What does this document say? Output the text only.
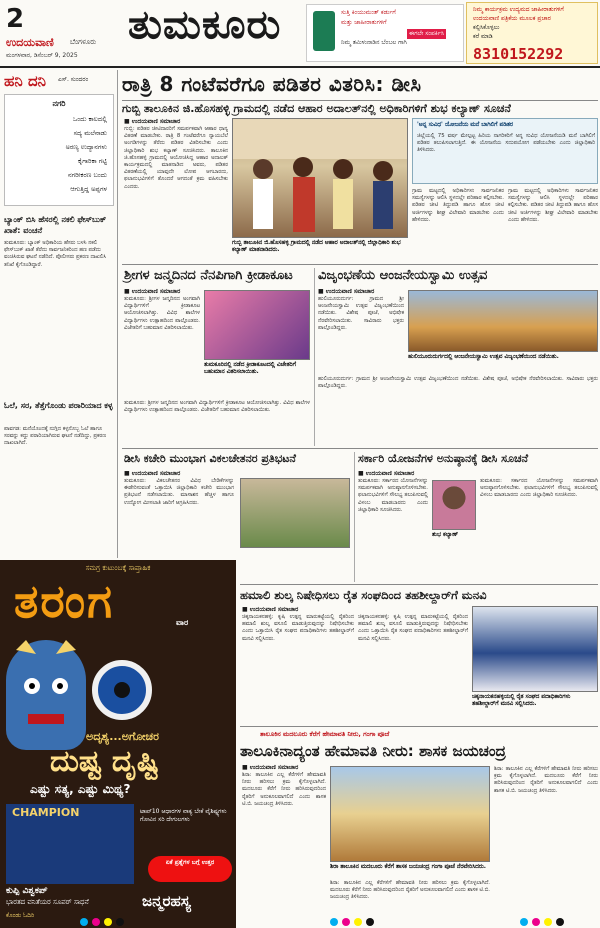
2
ಉದಯವಾಣಿ ಬೆಂಗಳೂರು
ಮಂಗಳವಾರ, ಡಿಸೆಂಬರ್ 9, 2025
ತುಮಕೂರು	ಸುತ್ತಿ ಕಿಂಯುಮಂತ್ ಕರ್ಡುಗೆ
ಮತ್ತು ಜಾಹೀರಾತುಗಳಿಗೆ
ಈಗಲೇ ಸಂಪರ್ಕಿಸಿ
ನಿಮ್ಮ ತಮಿಳುನಾಡಿನ ಬೆಂಬಲ ಗಾಗಿ
ನಿಮ್ಮ ಕಾರ್ಯಕ್ರಮ ಉದ್ಯಮದ ಜಾಹೀರಾತುಗಳಿಗೆ
ಉದಯವಾಣಿ ಪತ್ರಿಕೆಯ ಮೂಲಕ ಪ್ರಚಾರ
ಕಲ್ಪಿಸಿಕೊಳ್ಳಲು
ಕರೆ ಮಾಡಿ
8310152292
ಹನಿ ದನಿ ಎಸ್. ಸುಂದರಂ
ನಗರಿ
ಒಂದು ಕಾಲದಲ್ಲಿ
ಸದ್ಯ ಮಲೆನಾಡು
ಅರಣ್ಯ ಉದ್ಯಾನಗಳು
ಕೈಗಾರಿಕಾ ಗಟ್ಟಿ
ನಗರೀಕರಣ ಬಂದು
ಆಗುತ್ತಿದ್ದ ಅಪ್ಪಗಳ
ಬ್ಯಾಂಕ್ ಬಿಸಿ ಹೆಸರಲ್ಲಿ ನಕಲಿ ಫೇಸ್‌ಬುಕ್ ಖಾತೆ: ವಂಚನೆ
ತುಮಕೂರು: ಬ್ಯಾಂಕ್ ಅಧಿಕಾರಿಯ ಹೆಸರು ಬಳಸಿ ನಕಲಿ ಫೇಸ್‌ಬುಕ್ ಖಾತೆ ತೆರೆದು ಸಾರ್ವಜನಿಕರಿಂದ ಹಣ ಪಡೆದು ವಂಚಿಸಿರುವ ಘಟನೆ ನಡೆದಿದೆ. ಪೊಲೀಸರು ಪ್ರಕರಣ ದಾಖಲಿಸಿ ತನಿಖೆ ಕೈಗೊಂಡಿದ್ದಾರೆ.
ಓಲೆ, ಸರ, ತೆತ್ತೆಗೊಂಡು ಪರಾರಿಯಾದ ಕಳ್ಳ
ಪಾವಗಡ: ಮನೆಯೊಂದಕ್ಕೆ ನುಗ್ಗಿದ ಕಳ್ಳನೊಬ್ಬ ಓಲೆ ಹಾಗೂ ಸರವನ್ನು ಕದ್ದು ಪರಾರಿಯಾಗಿರುವ ಘಟನೆ ನಡೆದಿದ್ದು, ಪ್ರಕರಣ ದಾಖಲಾಗಿದೆ.
ರಾತ್ರಿ 8 ಗಂಟೆವರೆಗೂ ಪಡಿತರ ವಿತರಿಸಿ: ಡೀಸಿ
ಗುಬ್ಬಿ ತಾಲೂಕಿನ ಜಿ.ಹೊಸಹಳ್ಳಿ ಗ್ರಾಮದಲ್ಲಿ ನಡೆದ ಆಹಾರ ಅದಾಲತ್‌ನಲ್ಲಿ ಅಧಿಕಾರಿಗಳಿಗೆ ಶುಭ ಕಲ್ಯಾಣ್ ಸೂಚನೆ
■ ಉದಯವಾಣಿ ಸಮಾಚಾರ
ಗುಬ್ಬಿ: ಪಡಿತರ ಚೀಟಿದಾರರಿಗೆ ಸಮರ್ಪಕವಾಗಿ ಆಹಾರ ಧಾನ್ಯ ವಿತರಣೆ ಮಾಡಬೇಕು. ರಾತ್ರಿ 8 ಗಂಟೆವರೆಗೂ ನ್ಯಾಯಬೆಲೆ ಅಂಗಡಿಗಳನ್ನು ತೆರೆದು ಪಡಿತರ ವಿತರಿಸಬೇಕು ಎಂದು ಜಿಲ್ಲಾಧಿಕಾರಿ ಶುಭ ಕಲ್ಯಾಣ್ ಸೂಚಿಸಿದರು. ತಾಲೂಕಿನ ಜಿ.ಹೊಸಹಳ್ಳಿ ಗ್ರಾಮದಲ್ಲಿ ಆಯೋಜಿಸಿದ್ದ ಆಹಾರ ಅದಾಲತ್ ಕಾರ್ಯಕ್ರಮದಲ್ಲಿ ಮಾತನಾಡಿದ ಅವರು, ಪಡಿತರ ವಿತರಣೆಯಲ್ಲಿ ಯಾವುದೇ ಲೋಪ ಆಗಬಾರದು, ಫಲಾನುಭವಿಗಳಿಗೆ ತೊಂದರೆ ಆಗದಂತೆ ಕ್ರಮ ವಹಿಸಬೇಕು ಎಂದರು.
ಗುಬ್ಬಿ ತಾಲೂಕಿನ ಜಿ.ಹೊಸಹಳ್ಳಿ ಗ್ರಾಮದಲ್ಲಿ ನಡೆದ ಆಹಾರ ಅದಾಲತ್‌ನಲ್ಲಿ ಜಿಲ್ಲಾಧಿಕಾರಿ ಶುಭ ಕಲ್ಯಾಣ್ ಮಾತನಾಡಿದರು.
'ಅನ್ನ ಸುವಿಧ' ಯೋಜನೆಯ ಮನೆ ಬಾಗಿಲಿಗೆ ಪಡಿತರ
ಜಿಲ್ಲೆಯಲ್ಲಿ 75 ವರ್ಷ ಮೇಲ್ಪಟ್ಟ ಹಿರಿಯ ನಾಗರಿಕರಿಗೆ ಅನ್ನ ಸುವಿಧ ಯೋಜನೆಯಡಿ ಮನೆ ಬಾಗಿಲಿಗೆ ಪಡಿತರ ತಲುಪಿಸಲಾಗುತ್ತಿದೆ. ಈ ಯೋಜನೆಯ ಸದುಪಯೋಗ ಪಡೆಯಬೇಕು ಎಂದು ಜಿಲ್ಲಾಧಿಕಾರಿ ತಿಳಿಸಿದರು.
ಗ್ರಾಮ ಮಟ್ಟದಲ್ಲಿ ಅಧಿಕಾರಿಗಳು ಸಾರ್ವಜನಿಕರ ಸಮಸ್ಯೆಗಳನ್ನು ಆಲಿಸಿ ಸ್ಥಳದಲ್ಲೇ ಪರಿಹಾರ ಕಲ್ಪಿಸಬೇಕು. ಪಡಿತರ ಚೀಟಿ ತಿದ್ದುಪಡಿ ಹಾಗೂ ಹೊಸ ಚೀಟಿ ಅರ್ಜಿಗಳನ್ನು ಶೀಘ್ರ ವಿಲೇವಾರಿ ಮಾಡಬೇಕು ಎಂದು ಹೇಳಿದರು.
ಗ್ರಾಮ ಮಟ್ಟದಲ್ಲಿ ಅಧಿಕಾರಿಗಳು ಸಾರ್ವಜನಿಕರ ಸಮಸ್ಯೆಗಳನ್ನು ಆಲಿಸಿ ಸ್ಥಳದಲ್ಲೇ ಪರಿಹಾರ ಕಲ್ಪಿಸಬೇಕು. ಪಡಿತರ ಚೀಟಿ ತಿದ್ದುಪಡಿ ಹಾಗೂ ಹೊಸ ಚೀಟಿ ಅರ್ಜಿಗಳನ್ನು ಶೀಘ್ರ ವಿಲೇವಾರಿ ಮಾಡಬೇಕು ಎಂದು ಹೇಳಿದರು.
ಶ್ರೀಗಳ ಜನ್ಮದಿನದ ನೆನಪಿಗಾಗಿ ಕ್ರೀಡಾಕೂಟ
■ ಉದಯವಾಣಿ ಸಮಾಚಾರ
ತುಮಕೂರು: ಶ್ರೀಗಳ ಜನ್ಮದಿನದ ಅಂಗವಾಗಿ ವಿದ್ಯಾರ್ಥಿಗಳಿಗೆ ಕ್ರೀಡಾಕೂಟ ಆಯೋಜಿಸಲಾಗಿತ್ತು. ವಿವಿಧ ಶಾಲೆಗಳ ವಿದ್ಯಾರ್ಥಿಗಳು ಉತ್ಸಾಹದಿಂದ ಪಾಲ್ಗೊಂಡರು. ವಿಜೇತರಿಗೆ ಬಹುಮಾನ ವಿತರಿಸಲಾಯಿತು.
ತುಮಕೂರಿನಲ್ಲಿ ನಡೆದ ಕ್ರೀಡಾಕೂಟದಲ್ಲಿ ವಿಜೇತರಿಗೆ ಬಹುಮಾನ ವಿತರಿಸಲಾಯಿತು.
ತುಮಕೂರು: ಶ್ರೀಗಳ ಜನ್ಮದಿನದ ಅಂಗವಾಗಿ ವಿದ್ಯಾರ್ಥಿಗಳಿಗೆ ಕ್ರೀಡಾಕೂಟ ಆಯೋಜಿಸಲಾಗಿತ್ತು. ವಿವಿಧ ಶಾಲೆಗಳ ವಿದ್ಯಾರ್ಥಿಗಳು ಉತ್ಸಾಹದಿಂದ ಪಾಲ್ಗೊಂಡರು. ವಿಜೇತರಿಗೆ ಬಹುಮಾನ ವಿತರಿಸಲಾಯಿತು.
ವಿಜೃಂಭಣೆಯ ಆಂಜನೇಯಸ್ವಾಮಿ ಉತ್ಸವ
■ ಉದಯವಾಣಿ ಸಮಾಚಾರ
ಹುಲಿಯೂರುದುರ್ಗ: ಗ್ರಾಮದ ಶ್ರೀ ಆಂಜನೇಯಸ್ವಾಮಿ ಉತ್ಸವ ವಿಜೃಂಭಣೆಯಿಂದ ನಡೆಯಿತು. ವಿಶೇಷ ಪೂಜೆ, ಅಭಿಷೇಕ ನೆರವೇರಿಸಲಾಯಿತು. ಸಾವಿರಾರು ಭಕ್ತರು ಪಾಲ್ಗೊಂಡಿದ್ದರು.
ಹುಲಿಯೂರುದುರ್ಗದಲ್ಲಿ ಆಂಜನೇಯಸ್ವಾಮಿ ಉತ್ಸವ ವಿಜೃಂಭಣೆಯಿಂದ ನಡೆಯಿತು.
ಹುಲಿಯೂರುದುರ್ಗ: ಗ್ರಾಮದ ಶ್ರೀ ಆಂಜನೇಯಸ್ವಾಮಿ ಉತ್ಸವ ವಿಜೃಂಭಣೆಯಿಂದ ನಡೆಯಿತು. ವಿಶೇಷ ಪೂಜೆ, ಅಭಿಷೇಕ ನೆರವೇರಿಸಲಾಯಿತು. ಸಾವಿರಾರು ಭಕ್ತರು ಪಾಲ್ಗೊಂಡಿದ್ದರು.
ಡೀಸಿ ಕಚೇರಿ ಮುಂಭಾಗ ವಿಕಲಚೇತನರ ಪ್ರತಿಭಟನೆ
■ ಉದಯವಾಣಿ ಸಮಾಚಾರ
ತುಮಕೂರು: ವಿಕಲಚೇತನರ ವಿವಿಧ ಬೇಡಿಕೆಗಳನ್ನು ಈಡೇರಿಸುವಂತೆ ಒತ್ತಾಯಿಸಿ ಜಿಲ್ಲಾಧಿಕಾರಿ ಕಚೇರಿ ಮುಂಭಾಗ ಪ್ರತಿಭಟನೆ ನಡೆಸಲಾಯಿತು. ಮಾಸಾಶನ ಹೆಚ್ಚಳ ಹಾಗೂ ಉದ್ಯೋಗ ಮೀಸಲಾತಿ ಜಾರಿಗೆ ಆಗ್ರಹಿಸಿದರು.
ಸರ್ಕಾರಿ ಯೋಜನೆಗಳ ಅನುಷ್ಠಾನಕ್ಕೆ ಡೀಸಿ ಸೂಚನೆ
■ ಉದಯವಾಣಿ ಸಮಾಚಾರ
ತುಮಕೂರು: ಸರ್ಕಾರದ ಯೋಜನೆಗಳನ್ನು ಸಮರ್ಪಕವಾಗಿ ಅನುಷ್ಠಾನಗೊಳಿಸಬೇಕು. ಫಲಾನುಭವಿಗಳಿಗೆ ಸೌಲಭ್ಯ ತಲುಪಿಸುವಲ್ಲಿ ವಿಳಂಬ ಮಾಡಬಾರದು ಎಂದು ಜಿಲ್ಲಾಧಿಕಾರಿ ಸೂಚಿಸಿದರು.
ಶುಭ ಕಲ್ಯಾಣ್
ತುಮಕೂರು: ಸರ್ಕಾರದ ಯೋಜನೆಗಳನ್ನು ಸಮರ್ಪಕವಾಗಿ ಅನುಷ್ಠಾನಗೊಳಿಸಬೇಕು. ಫಲಾನುಭವಿಗಳಿಗೆ ಸೌಲಭ್ಯ ತಲುಪಿಸುವಲ್ಲಿ ವಿಳಂಬ ಮಾಡಬಾರದು ಎಂದು ಜಿಲ್ಲಾಧಿಕಾರಿ ಸೂಚಿಸಿದರು.
ಹಮಾಲಿ ಶುಲ್ಕ ನಿಷೇಧಿಸಲು ರೈತ ಸಂಘದಿಂದ ತಹಶೀಲ್ದಾರ್‌ಗೆ ಮನವಿ
■ ಉದಯವಾಣಿ ಸಮಾಚಾರ
ಚಿಕ್ಕನಾಯಕನಹಳ್ಳಿ: ಕೃಷಿ ಉತ್ಪನ್ನ ಮಾರುಕಟ್ಟೆಯಲ್ಲಿ ರೈತರಿಂದ ಹಮಾಲಿ ಶುಲ್ಕ ವಸೂಲಿ ಮಾಡುತ್ತಿರುವುದನ್ನು ನಿಷೇಧಿಸಬೇಕು ಎಂದು ಒತ್ತಾಯಿಸಿ ರೈತ ಸಂಘದ ಪದಾಧಿಕಾರಿಗಳು ತಹಶೀಲ್ದಾರ್‌ಗೆ ಮನವಿ ಸಲ್ಲಿಸಿದರು.
ಚಿಕ್ಕನಾಯಕನಹಳ್ಳಿ: ಕೃಷಿ ಉತ್ಪನ್ನ ಮಾರುಕಟ್ಟೆಯಲ್ಲಿ ರೈತರಿಂದ ಹಮಾಲಿ ಶುಲ್ಕ ವಸೂಲಿ ಮಾಡುತ್ತಿರುವುದನ್ನು ನಿಷೇಧಿಸಬೇಕು ಎಂದು ಒತ್ತಾಯಿಸಿ ರೈತ ಸಂಘದ ಪದಾಧಿಕಾರಿಗಳು ತಹಶೀಲ್ದಾರ್‌ಗೆ ಮನವಿ ಸಲ್ಲಿಸಿದರು.
ಚಿಕ್ಕನಾಯಕನಹಳ್ಳಿಯಲ್ಲಿ ರೈತ ಸಂಘದ ಪದಾಧಿಕಾರಿಗಳು ತಹಶೀಲ್ದಾರ್‌ಗೆ ಮನವಿ ಸಲ್ಲಿಸಿದರು.
ತಾಲೂಕಿನ ಮದಲೂರು ಕೆರೆಗೆ ಹೇಮಾವತಿ ನೀರು, ಗಂಗಾ ಪೂಜೆ
ತಾಲೂಕಿನಾದ್ಯಂತ ಹೇಮಾವತಿ ನೀರು: ಶಾಸಕ ಜಯಚಂದ್ರ
■ ಉದಯವಾಣಿ ಸಮಾಚಾರ
ಶಿರಾ: ತಾಲೂಕಿನ ಎಲ್ಲ ಕೆರೆಗಳಿಗೆ ಹೇಮಾವತಿ ನೀರು ಹರಿಸಲು ಕ್ರಮ ಕೈಗೊಳ್ಳಲಾಗಿದೆ. ಮದಲೂರು ಕೆರೆಗೆ ನೀರು ಹರಿಸಿರುವುದರಿಂದ ರೈತರಿಗೆ ಅನುಕೂಲವಾಗಲಿದೆ ಎಂದು ಶಾಸಕ ಟಿ.ಬಿ. ಜಯಚಂದ್ರ ತಿಳಿಸಿದರು.
ಶಿರಾ ತಾಲೂಕಿನ ಮದಲೂರು ಕೆರೆಗೆ ಶಾಸಕ ಜಯಚಂದ್ರ ಗಂಗಾ ಪೂಜೆ ನೆರವೇರಿಸಿದರು.
ಶಿರಾ: ತಾಲೂಕಿನ ಎಲ್ಲ ಕೆರೆಗಳಿಗೆ ಹೇಮಾವತಿ ನೀರು ಹರಿಸಲು ಕ್ರಮ ಕೈಗೊಳ್ಳಲಾಗಿದೆ. ಮದಲೂರು ಕೆರೆಗೆ ನೀರು ಹರಿಸಿರುವುದರಿಂದ ರೈತರಿಗೆ ಅನುಕೂಲವಾಗಲಿದೆ ಎಂದು ಶಾಸಕ ಟಿ.ಬಿ. ಜಯಚಂದ್ರ ತಿಳಿಸಿದರು.
ಶಿರಾ: ತಾಲೂಕಿನ ಎಲ್ಲ ಕೆರೆಗಳಿಗೆ ಹೇಮಾವತಿ ನೀರು ಹರಿಸಲು ಕ್ರಮ ಕೈಗೊಳ್ಳಲಾಗಿದೆ. ಮದಲೂರು ಕೆರೆಗೆ ನೀರು ಹರಿಸಿರುವುದರಿಂದ ರೈತರಿಗೆ ಅನುಕೂಲವಾಗಲಿದೆ ಎಂದು ಶಾಸಕ ಟಿ.ಬಿ. ಜಯಚಂದ್ರ ತಿಳಿಸಿದರು.
ಸಮಗ್ರ ಕುಟುಂಬಕ್ಕೆ ಸಾಪ್ತಾಹಿಕ
ತರಂಗ	ವಾರ
ಅದೃಶ್ಯ...ಅಗೋಚರ
ದುಷ್ಟ ದೃಷ್ಟಿ
ಎಷ್ಟು ಸತ್ಯ, ಎಷ್ಟು ಮಿಥ್ಯ?
CHAMPION
ಕುಪ್ಪಿ ವಿಶ್ವಕಪ್
ಭಾರತದ ವನಿತೆಯರ ಸೂಪರ್ ಸಾಧನೆ
ಟಾಪ್10 ಆಧಾರಗಳ ವಾಕ್ಯ ಬೇಕೆ ವೈಶಿಷ್ಟ್ಯಗಳು ಗೋವಿನ ಸರಿ ದೇಗುಲಗಳು
ಏಕೆ ಪ್ರಶ್ನೆಗಳ ಬಗ್ಗೆ ಉತ್ತರ
ಜನ್ಮರಹಸ್ಯ
ಕೊಂಡು ಓದಿರಿ
